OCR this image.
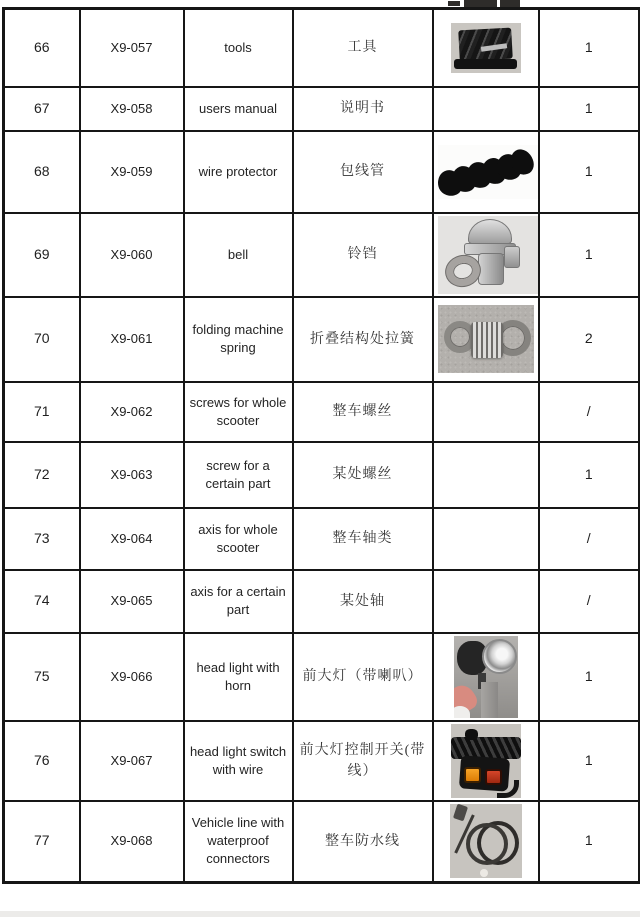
66	X9-057	tools	工具		1
67	X9-058	users manual	说明书		1
68	X9-059	wire protector	包线管		1
69	X9-060	bell	铃铛		1
70	X9-061	folding machine spring	折叠结构处拉簧		2
71	X9-062	screws for whole scooter	整车螺丝		/
72	X9-063	screw for a certain part	某处螺丝		1
73	X9-064	axis for whole scooter	整车轴类		/
74	X9-065	axis for a certain part	某处轴		/
75	X9-066	head light with horn	前大灯（带喇叭）		1
76	X9-067	head light switch with wire	前大灯控制开关(带线）		1
77	X9-068	Vehicle line with waterproof connectors	整车防水线		1
